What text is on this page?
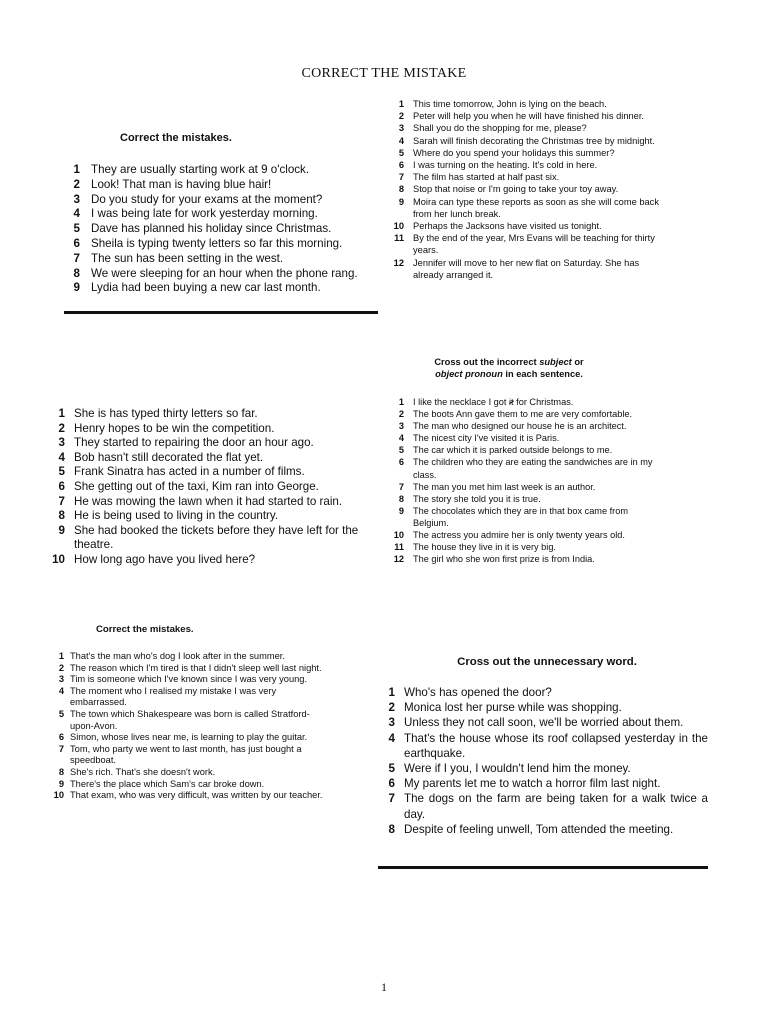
CORRECT THE MISTAKE
Correct the mistakes.
1 They are usually starting work at 9 o'clock.
2 Look! That man is having blue hair!
3 Do you study for your exams at the moment?
4 I was being late for work yesterday morning.
5 Dave has planned his holiday since Christmas.
6 Sheila is typing twenty letters so far this morning.
7 The sun has been setting in the west.
8 We were sleeping for an hour when the phone rang.
9 Lydia had been buying a new car last month.
1 This time tomorrow, John is lying on the beach.
2 Peter will help you when he will have finished his dinner.
3 Shall you do the shopping for me, please?
4 Sarah will finish decorating the Christmas tree by midnight.
5 Where do you spend your holidays this summer?
6 I was turning on the heating. It's cold in here.
7 The film has started at half past six.
8 Stop that noise or I'm going to take your toy away.
9 Moira can type these reports as soon as she will come back from her lunch break.
10 Perhaps the Jacksons have visited us tonight.
11 By the end of the year, Mrs Evans will be teaching for thirty years.
12 Jennifer will move to her new flat on Saturday. She has already arranged it.
1 She is has typed thirty letters so far.
2 Henry hopes to be win the competition.
3 They started to repairing the door an hour ago.
4 Bob hasn't still decorated the flat yet.
5 Frank Sinatra has acted in a number of films.
6 She getting out of the taxi, Kim ran into George.
7 He was mowing the lawn when it had started to rain.
8 He is being used to living in the country.
9 She had booked the tickets before they have left for the theatre.
10 How long ago have you lived here?
Cross out the incorrect subject or
object pronoun in each sentence.
1 I like the necklace I got it for Christmas.
2 The boots Ann gave them to me are very comfortable.
3 The man who designed our house he is an architect.
4 The nicest city I've visited it is Paris.
5 The car which it is parked outside belongs to me.
6 The children who they are eating the sandwiches are in my class.
7 The man you met him last week is an author.
8 The story she told you it is true.
9 The chocolates which they are in that box came from Belgium.
10 The actress you admire her is only twenty years old.
11 The house they live in it is very big.
12 The girl who she won first prize is from India.
Correct the mistakes.
1 That's the man who's dog I look after in the summer.
2 The reason which I'm tired is that I didn't sleep well last night.
3 Tim is someone which I've known since I was very young.
4 The moment who I realised my mistake I was very embarrassed.
5 The town which Shakespeare was born is called Stratford-upon-Avon.
6 Simon, whose lives near me, is learning to play the guitar.
7 Tom, who party we went to last month, has just bought a speedboat.
8 She's rich. That's she doesn't work.
9 There's the place which Sam's car broke down.
10 That exam, who was very difficult, was written by our teacher.
Cross out the unnecessary word.
1 Who's has opened the door?
2 Monica lost her purse while was shopping.
3 Unless they not call soon, we'll be worried about them.
4 That's the house whose its roof collapsed yesterday in the earthquake.
5 Were if I you, I wouldn't lend him the money.
6 My parents let me to watch a horror film last night.
7 The dogs on the farm are being taken for a walk twice a day.
8 Despite of feeling unwell, Tom attended the meeting.
1
